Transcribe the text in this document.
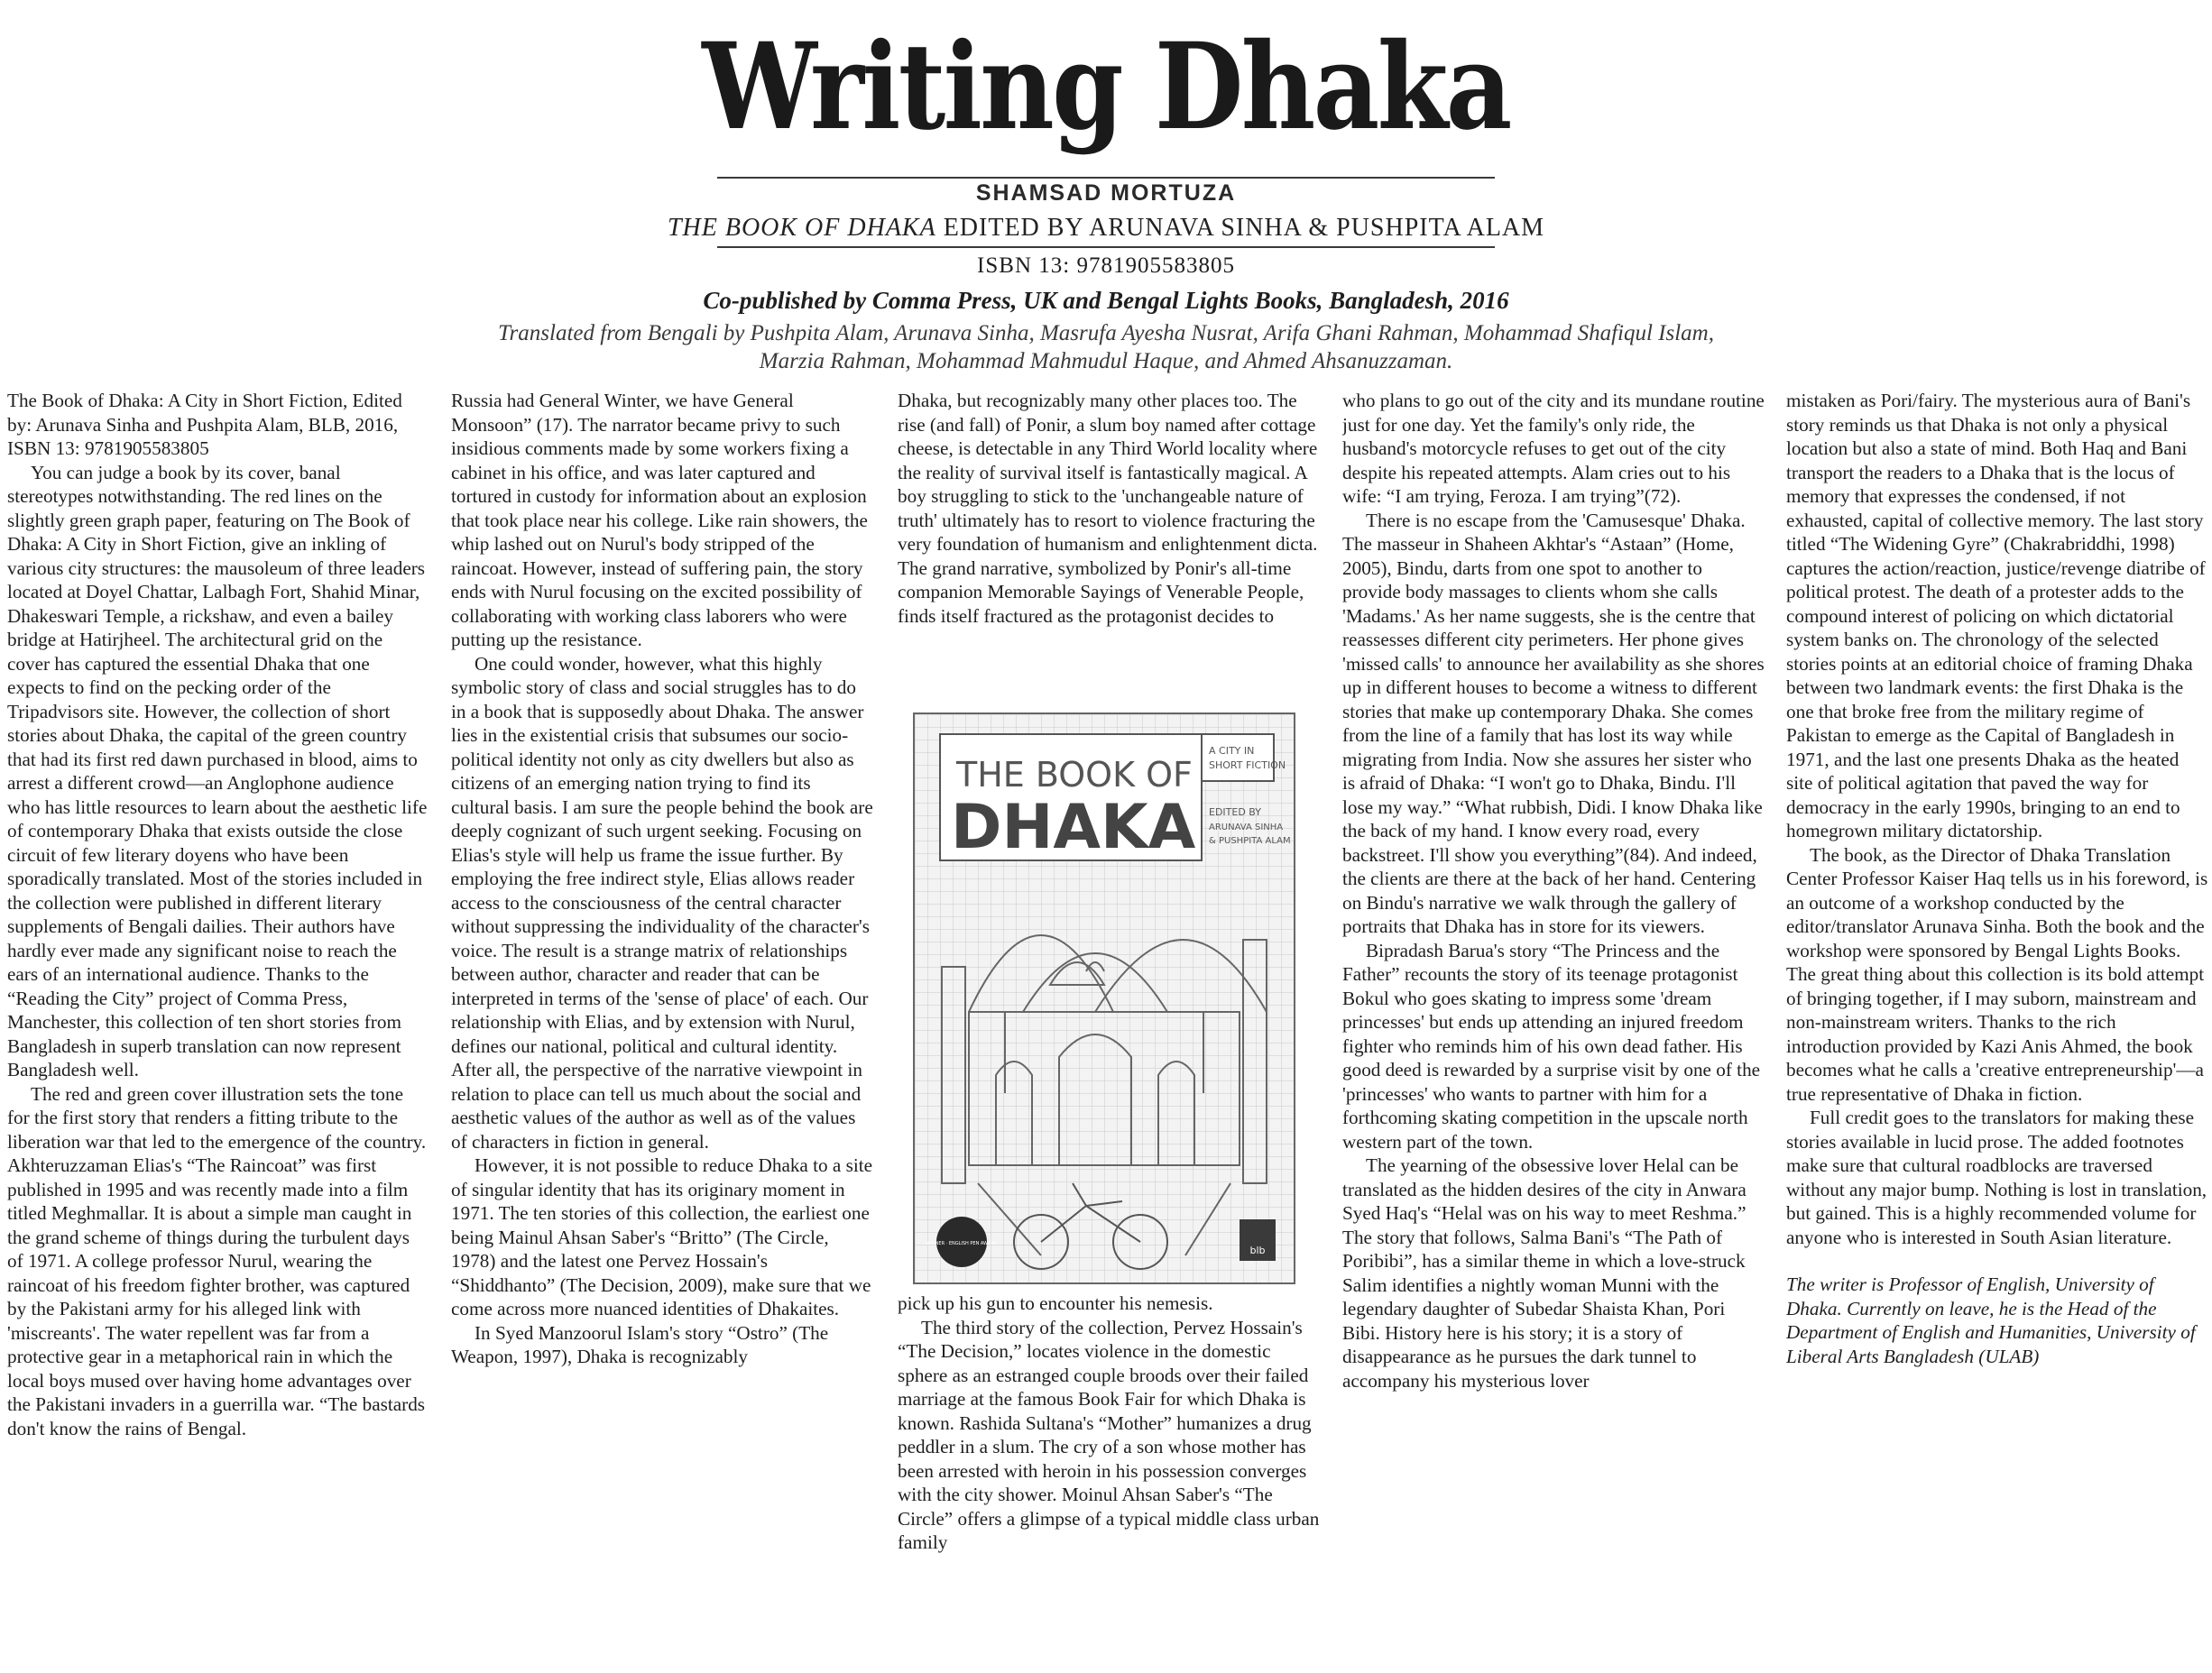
Writing Dhaka
SHAMSAD MORTUZA
THE BOOK OF DHAKA EDITED BY ARUNAVA SINHA & PUSHPITA ALAM
ISBN 13: 9781905583805
Co-published by Comma Press, UK and Bengal Lights Books, Bangladesh, 2016
Translated from Bengali by Pushpita Alam, Arunava Sinha, Masrufa Ayesha Nusrat, Arifa Ghani Rahman, Mohammad Shafiqul Islam,
Marzia Rahman, Mohammad Mahmudul Haque, and Ahmed Ahsanuzzaman.

The Book of Dhaka: A City in Short Fiction, Edited by: Arunava Sinha and Pushpita Alam, BLB, 2016, ISBN 13: 9781905583805

You can judge a book by its cover, banal stereotypes notwithstanding. The red lines on the slightly green graph paper, featuring on The Book of Dhaka: A City in Short Fiction, give an inkling of various city structures: the mausoleum of three leaders located at Doyel Chattar, Lalbagh Fort, Shahid Minar, Dhakeswari Temple, a rickshaw, and even a bailey bridge at Hatirjheel. The architectural grid on the cover has captured the essential Dhaka that one expects to find on the pecking order of the Tripadvisors site. However, the collection of short stories about Dhaka, the capital of the green country that had its first red dawn purchased in blood, aims to arrest a different crowd—an Anglophone audience who has little resources to learn about the aesthetic life of contemporary Dhaka that exists outside the close circuit of few literary doyens who have been sporadically translated. Most of the stories included in the collection were published in different literary supplements of Bengali dailies. Their authors have hardly ever made any significant noise to reach the ears of an international audience. Thanks to the “Reading the City” project of Comma Press, Manchester, this collection of ten short stories from Bangladesh in superb translation can now represent Bangladesh well.

The red and green cover illustration sets the tone for the first story that renders a fitting tribute to the liberation war that led to the emergence of the country. Akhteruzzaman Elias's “The Raincoat” was first published in 1995 and was recently made into a film titled Meghmallar. It is about a simple man caught in the grand scheme of things during the turbulent days of 1971. A college professor Nurul, wearing the raincoat of his freedom fighter brother, was captured by the Pakistani army for his alleged link with 'miscreants'. The water repellent was far from a protective gear in a metaphorical rain in which the local boys mused over having home advantages over the Pakistani invaders in a guerrilla war. “The bastards don't know the rains of Bengal.

Russia had General Winter, we have General Monsoon” (17). The narrator became privy to such insidious comments made by some workers fixing a cabinet in his office, and was later captured and tortured in custody for information about an explosion that took place near his college. Like rain showers, the whip lashed out on Nurul's body stripped of the raincoat. However, instead of suffering pain, the story ends with Nurul focusing on the excited possibility of collaborating with working class laborers who were putting up the resistance.

One could wonder, however, what this highly symbolic story of class and social struggles has to do in a book that is supposedly about Dhaka. The answer lies in the existential crisis that subsumes our socio-political identity not only as city dwellers but also as citizens of an emerging nation trying to find its cultural basis. I am sure the people behind the book are deeply cognizant of such urgent seeking. Focusing on Elias's style will help us frame the issue further. By employing the free indirect style, Elias allows reader access to the consciousness of the central character without suppressing the individuality of the character's voice. The result is a strange matrix of relationships between author, character and reader that can be interpreted in terms of the 'sense of place' of each. Our relationship with Elias, and by extension with Nurul, defines our national, political and cultural identity. After all, the perspective of the narrative viewpoint in relation to place can tell us much about the social and aesthetic values of the author as well as of the values of characters in fiction in general.

However, it is not possible to reduce Dhaka to a site of singular identity that has its originary moment in 1971. The ten stories of this collection, the earliest one being Mainul Ahsan Saber's “Britto” (The Circle, 1978) and the latest one Pervez Hossain's “Shiddhanto” (The Decision, 2009), make sure that we come across more nuanced identities of Dhakaites.

In Syed Manzoorul Islam's story “Ostro” (The Weapon, 1997), Dhaka is recognizably

Dhaka, but recognizably many other places too. The rise (and fall) of Ponir, a slum boy named after cottage cheese, is detectable in any Third World locality where the reality of survival itself is fantastically magical. A boy struggling to stick to the 'unchangeable nature of truth' ultimately has to resort to violence fracturing the very foundation of humanism and enlightenment dicta. The grand narrative, symbolized by Ponir's all-time companion Memorable Sayings of Venerable People, finds itself fractured as the protagonist decides to

THE BOOK OF
DHAKA
A CITY IN
SHORT FICTION
EDITED BY
ARUNAVA SINHA
& PUSHPITA ALAM
WINNER · ENGLISH PEN AWARD
blb

pick up his gun to encounter his nemesis.

The third story of the collection, Pervez Hossain's “The Decision,” locates violence in the domestic sphere as an estranged couple broods over their failed marriage at the famous Book Fair for which Dhaka is known. Rashida Sultana's “Mother” humanizes a drug peddler in a slum. The cry of a son whose mother has been arrested with heroin in his possession converges with the city shower. Moinul Ahsan Saber's “The Circle” offers a glimpse of a typical middle class urban family

who plans to go out of the city and its mundane routine just for one day. Yet the family's only ride, the husband's motorcycle refuses to get out of the city despite his repeated attempts. Alam cries out to his wife: “I am trying, Feroza. I am trying”(72).

There is no escape from the 'Camusesque' Dhaka. The masseur in Shaheen Akhtar's “Astaan” (Home, 2005), Bindu, darts from one spot to another to provide body massages to clients whom she calls 'Madams.' As her name suggests, she is the centre that reassesses different city perimeters. Her phone gives 'missed calls' to announce her availability as she shores up in different houses to become a witness to different stories that make up contemporary Dhaka. She comes from the line of a family that has lost its way while migrating from India. Now she assures her sister who is afraid of Dhaka: “I won't go to Dhaka, Bindu. I'll lose my way.” “What rubbish, Didi. I know Dhaka like the back of my hand. I know every road, every backstreet. I'll show you everything”(84). And indeed, the clients are there at the back of her hand. Centering on Bindu's narrative we walk through the gallery of portraits that Dhaka has in store for its viewers.

Bipradash Barua's story “The Princess and the Father” recounts the story of its teenage protagonist Bokul who goes skating to impress some 'dream princesses' but ends up attending an injured freedom fighter who reminds him of his own dead father. His good deed is rewarded by a surprise visit by one of the 'princesses' who wants to partner with him for a forthcoming skating competition in the upscale north western part of the town.

The yearning of the obsessive lover Helal can be translated as the hidden desires of the city in Anwara Syed Haq's “Helal was on his way to meet Reshma.” The story that follows, Salma Bani's “The Path of Poribibi”, has a similar theme in which a love-struck Salim identifies a nightly woman Munni with the legendary daughter of Subedar Shaista Khan, Pori Bibi. History here is his story; it is a story of disappearance as he pursues the dark tunnel to accompany his mysterious lover

mistaken as Pori/fairy. The mysterious aura of Bani's story reminds us that Dhaka is not only a physical location but also a state of mind. Both Haq and Bani transport the readers to a Dhaka that is the locus of memory that expresses the condensed, if not exhausted, capital of collective memory. The last story titled “The Widening Gyre” (Chakrabriddhi, 1998) captures the action/reaction, justice/revenge diatribe of political protest. The death of a protester adds to the compound interest of policing on which dictatorial system banks on. The chronology of the selected stories points at an editorial choice of framing Dhaka between two landmark events: the first Dhaka is the one that broke free from the military regime of Pakistan to emerge as the Capital of Bangladesh in 1971, and the last one presents Dhaka as the heated site of political agitation that paved the way for democracy in the early 1990s, bringing to an end to homegrown military dictatorship.

The book, as the Director of Dhaka Translation Center Professor Kaiser Haq tells us in his foreword, is an outcome of a workshop conducted by the editor/translator Arunava Sinha. Both the book and the workshop were sponsored by Bengal Lights Books. The great thing about this collection is its bold attempt of bringing together, if I may suborn, mainstream and non-mainstream writers. Thanks to the rich introduction provided by Kazi Anis Ahmed, the book becomes what he calls a 'creative entrepreneurship'—a true representative of Dhaka in fiction.

Full credit goes to the translators for making these stories available in lucid prose. The added footnotes make sure that cultural roadblocks are traversed without any major bump. Nothing is lost in translation, but gained. This is a highly recommended volume for anyone who is interested in South Asian literature.

The writer is Professor of English, University of Dhaka. Currently on leave, he is the Head of the Department of English and Humanities, University of Liberal Arts Bangladesh (ULAB)
